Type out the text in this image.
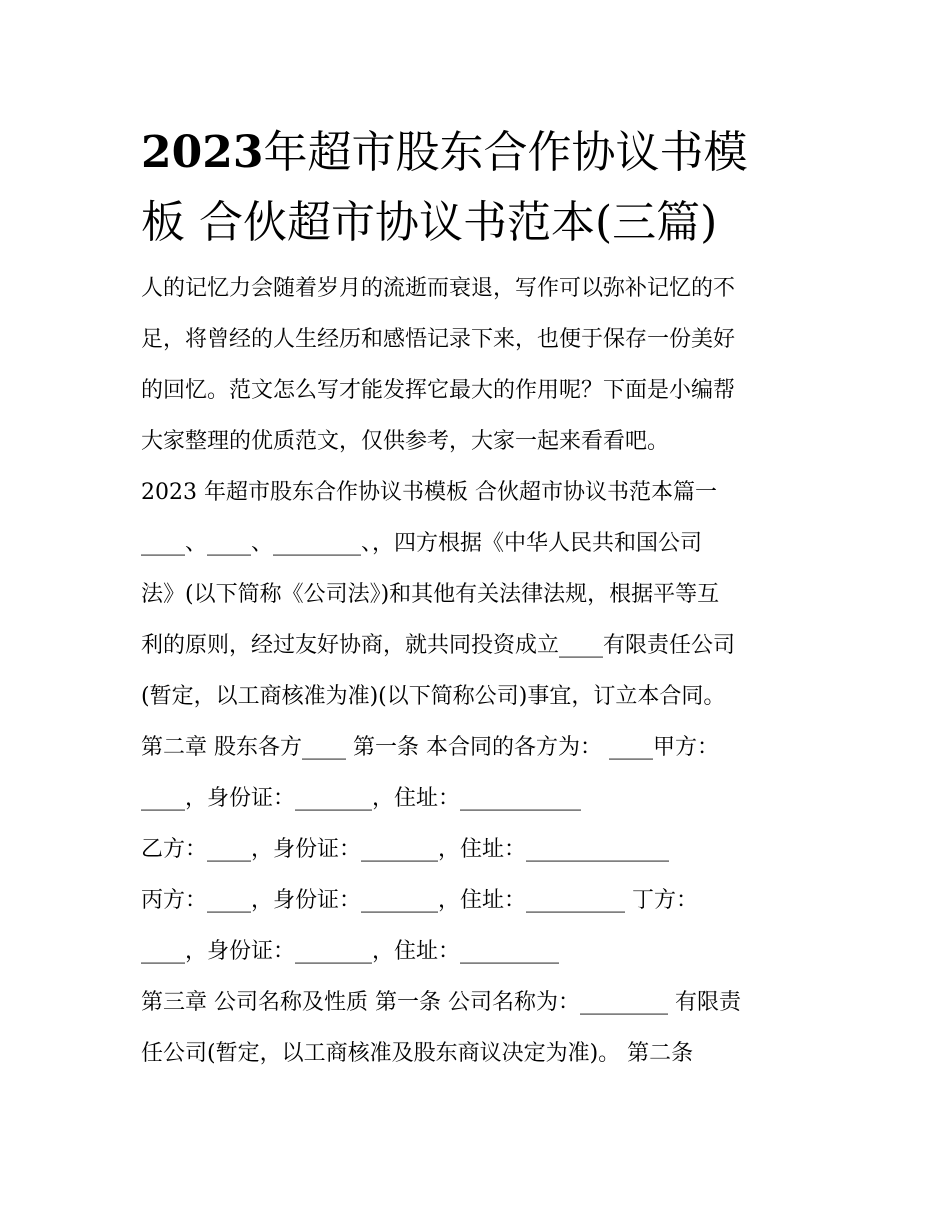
2023年超市股东合作协议书模
板 合伙超市协议书范本(三篇)
人的记忆力会随着岁月的流逝而衰退，写作可以弥补记忆的不
足，将曾经的人生经历和感悟记录下来，也便于保存一份美好
的回忆。范文怎么写才能发挥它最大的作用呢？下面是小编帮
大家整理的优质范文，仅供参考，大家一起来看看吧。
2023 年超市股东合作协议书模板 合伙超市协议书范本篇一
____、____、________、，四方根据《中华人民共和国公司
法》(以下简称《公司法》)和其他有关法律法规，根据平等互
利的原则，经过友好协商，就共同投资成立____有限责任公司
(暂定，以工商核准为准)(以下简称公司)事宜，订立本合同。
第二章 股东各方____ 第一条 本合同的各方为： ____甲方：
____，身份证：_______，住址：___________
乙方：____，身份证：_______，住址：_____________
丙方：____，身份证：_______，住址：_________ 丁方：
____，身份证：_______，住址：_________
第三章 公司名称及性质 第一条 公司名称为：________ 有限责
任公司(暂定，以工商核准及股东商议决定为准)。 第二条
